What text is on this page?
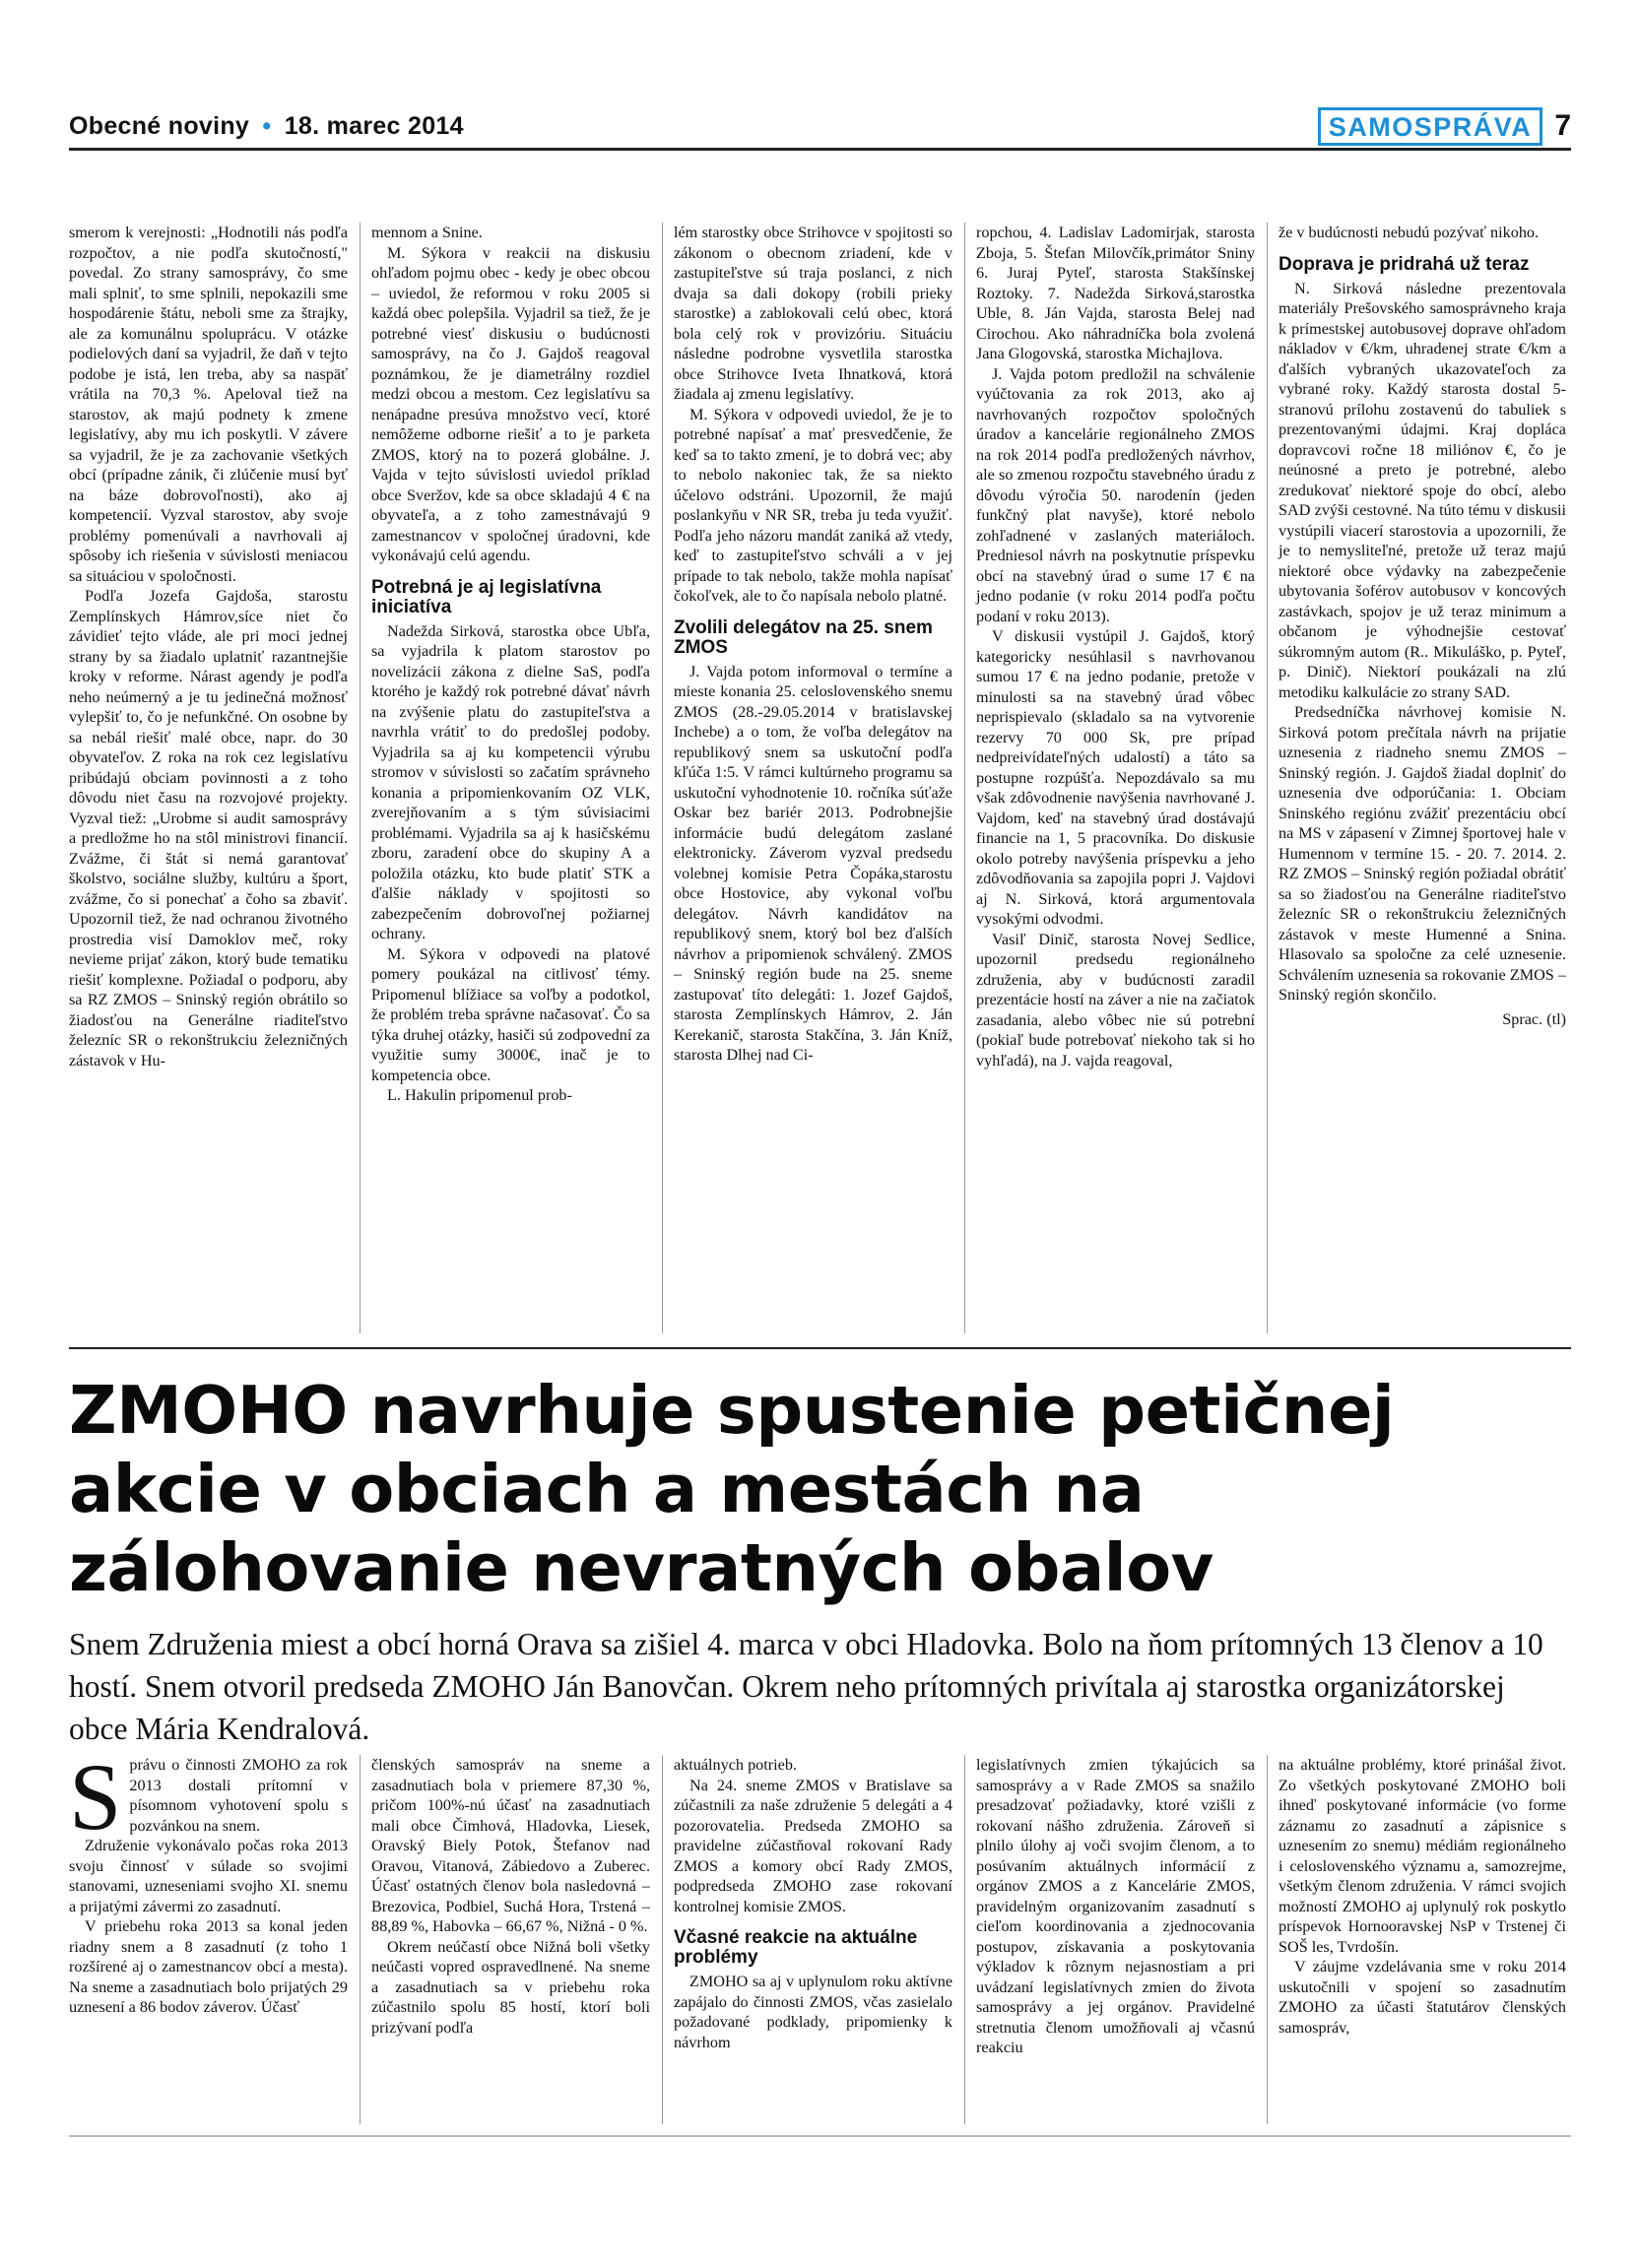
Obecné noviny • 18. marec 2014	SAMOSPRÁVA 7

smerom k verejnosti: „Hodnotili nás podľa rozpočtov, a nie podľa skutočností," povedal. Zo strany samosprávy, čo sme mali splniť, to sme splnili, nepokazili sme hospodárenie štátu, neboli sme za štrajky, ale za komunálnu spoluprácu. V otázke podielových daní sa vyjadril, že daň v tejto podobe je istá, len treba, aby sa naspäť vrátila na 70,3 %. Apeloval tiež na starostov, ak majú podnety k zmene legislatívy, aby mu ich poskytli. V závere sa vyjadril, že je za zachovanie všetkých obcí (prípadne zánik, či zlúčenie musí byť na báze dobrovoľnosti), ako aj kompetencií. Vyzval starostov, aby svoje problémy pomenúvali a navrhovali aj spôsoby ich riešenia v súvislosti meniacou sa situáciou v spoločnosti.

Podľa Jozefa Gajdoša, starostu Zemplínskych Hámrov,síce niet čo závidieť tejto vláde, ale pri moci jednej strany by sa žiadalo uplatniť razantnejšie kroky v reforme. Nárast agendy je podľa neho neúmerný a je tu jedinečná možnosť vylepšiť to, čo je nefunkčné. On osobne by sa nebál riešiť malé obce, napr. do 30 obyvateľov. Z roka na rok cez legislatívu pribúdajú obciam povinnosti a z toho dôvodu niet času na rozvojové projekty. Vyzval tiež: „Urobme si audit samosprávy a predložme ho na stôl ministrovi financií. Zvážme, či štát si nemá garantovať školstvo, sociálne služby, kultúru a šport, zvážme, čo si ponechať a čoho sa zbaviť. Upozornil tiež, že nad ochranou životného prostredia visí Damoklov meč, roky nevieme prijať zákon, ktorý bude tematiku riešiť komplexne. Požiadal o podporu, aby sa RZ ZMOS – Sninský región obrátilo so žiadosťou na Generálne riaditeľstvo železníc SR o rekonštrukciu železničných zástavok v Hu-

mennom a Snine.

M. Sýkora v reakcii na diskusiu ohľadom pojmu obec - kedy je obec obcou – uviedol, že reformou v roku 2005 si každá obec polepšila. Vyjadril sa tiež, že je potrebné viesť diskusiu o budúcnosti samosprávy, na čo J. Gajdoš reagoval poznámkou, že je diametrálny rozdiel medzi obcou a mestom. Cez legislatívu sa nenápadne presúva množstvo vecí, ktoré nemôžeme odborne riešiť a to je parketa ZMOS, ktorý na to pozerá globálne. J. Vajda v tejto súvislosti uviedol príklad obce Sveržov, kde sa obce skladajú 4 € na obyvateľa, a z toho zamestnávajú 9 zamestnancov v spoločnej úradovni, kde vykonávajú celú agendu.

Potrebná je aj legislatívna iniciatíva

Nadežda Sirková, starostka obce Ubľa, sa vyjadrila k platom starostov po novelizácii zákona z dielne SaS, podľa ktorého je každý rok potrebné dávať návrh na zvýšenie platu do zastupiteľstva a navrhla vrátiť to do predošlej podoby. Vyjadrila sa aj ku kompetencii výrubu stromov v súvislosti so začatím správneho konania a pripomienkovaním OZ VLK, zverejňovaním a s tým súvisiacimi problémami. Vyjadrila sa aj k hasičskému zboru, zaradení obce do skupiny A a položila otázku, kto bude platiť STK a ďalšie náklady v spojitosti so zabezpečením dobrovoľnej požiarnej ochrany.

M. Sýkora v odpovedi na platové pomery poukázal na citlivosť témy. Pripomenul blížiace sa voľby a podotkol, že problém treba správne načasovať. Čo sa týka druhej otázky, hasiči sú zodpovední za využitie sumy 3000€, inač je to kompetencia obce.

L. Hakulin pripomenul prob-

lém starostky obce Strihovce v spojitosti so zákonom o obecnom zriadení, kde v zastupiteľstve sú traja poslanci, z nich dvaja sa dali dokopy (robili prieky starostke) a zablokovali celú obec, ktorá bola celý rok v provizóriu. Situáciu následne podrobne vysvetlila starostka obce Strihovce Iveta Ihnatková, ktorá žiadala aj zmenu legislatívy.

M. Sýkora v odpovedi uviedol, že je to potrebné napísať a mať presvedčenie, že keď sa to takto zmení, je to dobrá vec; aby to nebolo nakoniec tak, že sa niekto účelovo odstráni. Upozornil, že majú poslankyňu v NR SR, treba ju teda využiť. Podľa jeho názoru mandát zaniká až vtedy, keď to zastupiteľstvo schváli a v jej prípade to tak nebolo, takže mohla napísať čokoľvek, ale to čo napísala nebolo platné.

Zvolili delegátov na 25. snem ZMOS

J. Vajda potom informoval o termíne a mieste konania 25. celoslovenského snemu ZMOS (28.-29.05.2014 v bratislavskej Inchebe) a o tom, že voľba delegátov na republikový snem sa uskutoční podľa kľúča 1:5. V rámci kultúrneho programu sa uskutoční vyhodnotenie 10. ročníka súťaže Oskar bez bariér 2013. Podrobnejšie informácie budú delegátom zaslané elektronicky. Záverom vyzval predsedu volebnej komisie Petra Čopáka,starostu obce Hostovice, aby vykonal voľbu delegátov. Návrh kandidátov na republikový snem, ktorý bol bez ďalších návrhov a pripomienok schválený. ZMOS – Sninský región bude na 25. sneme zastupovať títo delegáti: 1. Jozef Gajdoš, starosta Zemplínskych Hámrov, 2. Ján Kerekanič, starosta Stakčína, 3. Ján Kníž, starosta Dlhej nad Ci-

ropchou, 4. Ladislav Ladomirjak, starosta Zboja, 5. Štefan Milovčík,primátor Sniny 6. Juraj Pyteľ, starosta Stakšínskej Roztoky. 7. Nadežda Sirková,starostka Uble, 8. Ján Vajda, starosta Belej nad Cirochou. Ako náhradníčka bola zvolená Jana Glogovská, starostka Michajlova.

J. Vajda potom predložil na schválenie vyúčtovania za rok 2013, ako aj navrhovaných rozpočtov spoločných úradov a kancelárie regionálneho ZMOS na rok 2014 podľa predložených návrhov, ale so zmenou rozpočtu stavebného úradu z dôvodu výročia 50. narodenín (jeden funkčný plat navyše), ktoré nebolo zohľadnené v zaslaných materiáloch. Predniesol návrh na poskytnutie príspevku obcí na stavebný úrad o sume 17 € na jedno podanie (v roku 2014 podľa počtu podaní v roku 2013).

V diskusii vystúpil J. Gajdoš, ktorý kategoricky nesúhlasil s navrhovanou sumou 17 € na jedno podanie, pretože v minulosti sa na stavebný úrad vôbec neprispievalo (skladalo sa na vytvorenie rezervy 70 000 Sk, pre prípad nedpreivídateľných udalostí) a táto sa postupne rozpúšťa. Nepozdávalo sa mu však zdôvodnenie navýšenia navrhované J. Vajdom, keď na stavebný úrad dostávajú financie na 1, 5 pracovníka. Do diskusie okolo potreby navýšenia príspevku a jeho zdôvodňovania sa zapojila popri J. Vajdovi aj N. Sirková, ktorá argumentovala vysokými odvodmi.

Vasiľ Dinič, starosta Novej Sedlice, upozornil predsedu regionálneho združenia, aby v budúcnosti zaradil prezentácie hostí na záver a nie na začiatok zasadania, alebo vôbec nie sú potrební (pokiaľ bude potrebovať niekoho tak si ho vyhľadá), na J. vajda reagoval,

že v budúcnosti nebudú pozývať nikoho.

Doprava je pridrahá už teraz

N. Sirková následne prezentovala materiály Prešovského samosprávneho kraja k prímestskej autobusovej doprave ohľadom nákladov v €/km, uhradenej strate €/km a ďalších vybraných ukazovateľoch za vybrané roky. Každý starosta dostal 5-stranovú prílohu zostavenú do tabuliek s prezentovanými údajmi. Kraj dopláca dopravcovi ročne 18 miliónov €, čo je neúnosné a preto je potrebné, alebo zredukovať niektoré spoje do obcí, alebo SAD zvýši cestovné. Na túto tému v diskusii vystúpili viacerí starostovia a upozornili, že je to nemysliteľné, pretože už teraz majú niektoré obce výdavky na zabezpečenie ubytovania šoférov autobusov v koncových zastávkach, spojov je už teraz minimum a občanom je výhodnejšie cestovať súkromným autom (R.. Mikuláško, p. Pyteľ, p. Dinič). Niektorí poukázali na zlú metodiku kalkulácie zo strany SAD.

Predsedníčka návrhovej komisie N. Sirková potom prečítala návrh na prijatie uznesenia z riadneho snemu ZMOS – Sninský región. J. Gajdoš žiadal doplniť do uznesenia dve odporúčania: 1. Obciam Sninského regiónu zvážiť prezentáciu obcí na MS v zápasení v Zimnej športovej hale v Humennom v termíne 15. - 20. 7. 2014. 2. RZ ZMOS – Sninský región požiadal obrátiť sa so žiadosťou na Generálne riaditeľstvo železníc SR o rekonštrukciu železničných zástavok v meste Humenné a Snina. Hlasovalo sa spoločne za celé uznesenie. Schválením uznesenia sa rokovanie ZMOS – Sninský región skončilo.

Sprac. (tl)

ZMOHO navrhuje spustenie petičnej akcie v obciach a mestách na zálohovanie nevratných obalov

Snem Združenia miest a obcí horná Orava sa zišiel 4. marca v obci Hladovka. Bolo na ňom prítomných 13 členov a 10 hostí. Snem otvoril predseda ZMOHO Ján Banovčan. Okrem neho prítomných privítala aj starostka organizátorskej obce Mária Kendralová.

S právu o činnosti ZMOHO za rok 2013 dostali prítomní v písomnom vyhotovení spolu s pozvánkou na snem.

Združenie vykonávalo počas roka 2013 svoju činnosť v súlade so svojimi stanovami, uzneseniami svojho XI. snemu a prijatými závermi zo zasadnutí.

V priebehu roka 2013 sa konal jeden riadny snem a 8 zasadnutí (z toho 1 rozšírené aj o zamestnancov obcí a mesta). Na sneme a zasadnutiach bolo prijatých 29 uznesení a 86 bodov záverov. Účasť

členských samospráv na sneme a zasadnutiach bola v priemere 87,30 %, pričom 100%-nú účasť na zasadnutiach mali obce Čimhová, Hladovka, Liesek, Oravský Biely Potok, Štefanov nad Oravou, Vitanová, Zábiedovo a Zuberec. Účasť ostatných členov bola nasledovná – Brezovica, Podbiel, Suchá Hora, Trstená – 88,89 %, Habovka – 66,67 %, Nižná - 0 %.

Okrem neúčastí obce Nižná boli všetky neúčasti vopred ospravedlnené. Na sneme a zasadnutiach sa v priebehu roka zúčastnilo spolu 85 hostí, ktorí boli prizývaní podľa

aktuálnych potrieb.

Na 24. sneme ZMOS v Bratislave sa zúčastnili za naše združenie 5 delegáti a 4 pozorovatelia. Predseda ZMOHO sa pravidelne zúčastňoval rokovaní Rady ZMOS a komory obcí Rady ZMOS, podpredseda ZMOHO zase rokovaní kontrolnej komisie ZMOS.

Včasné reakcie na aktuálne problémy

ZMOHO sa aj v uplynulom roku aktívne zapájalo do činnosti ZMOS, včas zasielalo požadované podklady, pripomienky k návrhom

legislatívnych zmien týkajúcich sa samosprávy a v Rade ZMOS sa snažilo presadzovať požiadavky, ktoré vzišli z rokovaní nášho združenia. Zároveň si plnilo úlohy aj voči svojim členom, a to posúvaním aktuálnych informácií z orgánov ZMOS a z Kancelárie ZMOS, pravidelným organizovaním zasadnutí s cieľom koordinovania a zjednocovania postupov, získavania a poskytovania výkladov k rôznym nejasnostiam a pri uvádzaní legislatívnych zmien do života samosprávy a jej orgánov. Pravidelné stretnutia členom umožňovali aj včasnú reakciu

na aktuálne problémy, ktoré prinášal život. Zo všetkých poskytované ZMOHO boli ihneď poskytované informácie (vo forme záznamu zo zasadnutí a zápisnice s uznesením zo snemu) médiám regionálneho i celoslovenského významu a, samozrejme, všetkým členom združenia. V rámci svojich možností ZMOHO aj uplynulý rok poskytlo príspevok Hornooravskej NsP v Trstenej či SOŠ les, Tvrdošín.

V záujme vzdelávania sme v roku 2014 uskutočnili v spojení so zasadnutím ZMOHO za účasti štatutárov členských samospráv,
